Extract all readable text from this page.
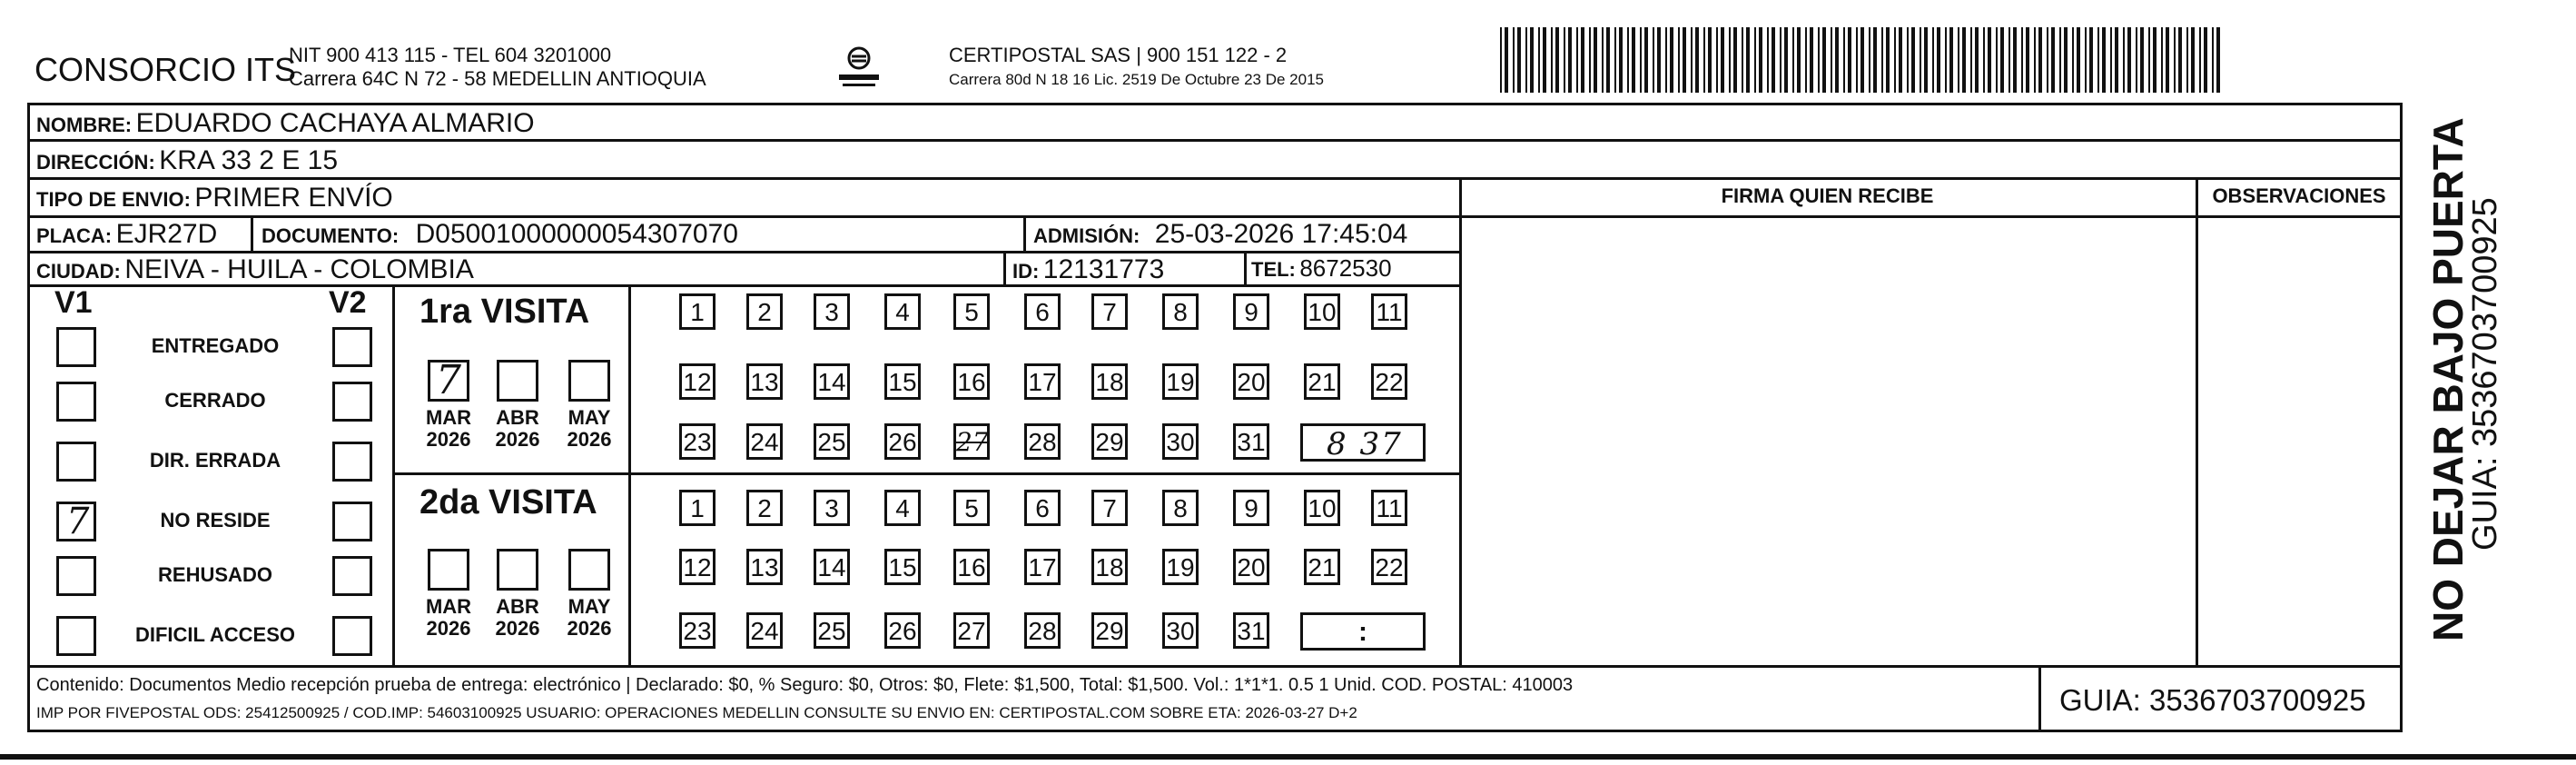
CONSORCIO ITS
NIT 900 413 115 - TEL 604 3201000
Carrera 64C N 72 - 58 MEDELLIN ANTIOQUIA
CERTIPOSTAL SAS | 900 151 122 - 2
Carrera 80d N 18 16 Lic. 2519 De Octubre 23 De 2015
NOMBRE: EDUARDO CACHAYA ALMARIO
DIRECCIÓN: KRA 33 2 E 15
TIPO DE ENVIO: PRIMER ENVÍO
PLACA: EJR27D DOCUMENTO: D05001000000054307070	ADMISIÓN: 25-03-2026 17:45:04
CIUDAD: NEIVA - HUILA - COLOMBIA	ID: 12131773	TEL: 8672530
FIRMA QUIEN RECIBE	OBSERVACIONES
V1	V2
ENTREGADO
CERRADO
DIR. ERRADA
7	NO RESIDE
REHUSADO
DIFICIL ACCESO
1ra VISITA
2da VISITA
7
MAR
2026
ABR
2026
MAY
2026
MAR
2026
ABR
2026
MAY
2026
1	2	3	4	5	6	7	8	9	10 11
12 13 14 15 16 17 18 19 20 21 22
23 24 25 26 27 28 29 30 31
1	2	3	4	5	6	7	8	9	10 11
12 13 14 15 16 17 18 19 20 21 22
23 24 25 26 27 28 29 30 31
8 37
:
Contenido: Documentos Medio recepción prueba de entrega: electrónico | Declarado: $0, % Seguro: $0, Otros: $0, Flete: $1,500, Total: $1,500. Vol.: 1*1*1. 0.5 1 Unid. COD. POSTAL: 410003
IMP POR FIVEPOSTAL ODS: 25412500925 / COD.IMP: 54603100925 USUARIO: OPERACIONES MEDELLIN CONSULTE SU ENVIO EN: CERTIPOSTAL.COM SOBRE ETA: 2026-03-27 D+2	GUIA: 3536703700925
NO DEJAR BAJO PUERTA
GUIA: 3536703700925
